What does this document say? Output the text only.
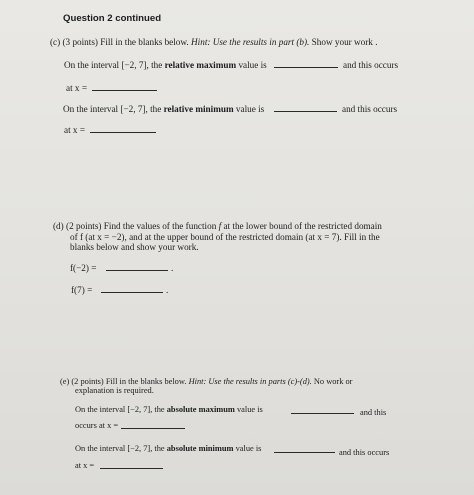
Question 2 continued
(c) (3 points) Fill in the blanks below. Hint: Use the results in part (b). Show your work .
On the interval [−2, 7], the relative maximum value is	and this occurs
at x =
On the interval [−2, 7], the relative minimum value is	and this occurs
at x =
(d) (2 points) Find the values of the function f at the lower bound of the restricted domain
of f (at x = −2), and at the upper bound of the restricted domain (at x = 7). Fill in the
blanks below and show your work.
f(−2) =	.
f(7) =	.
(e) (2 points) Fill in the blanks below. Hint: Use the results in parts (c)-(d). No work or
explanation is required.
On the interval [−2, 7], the absolute maximum value is	and this
occurs at x =
On the interval [−2, 7], the absolute minimum value is	and this occurs
at x =
